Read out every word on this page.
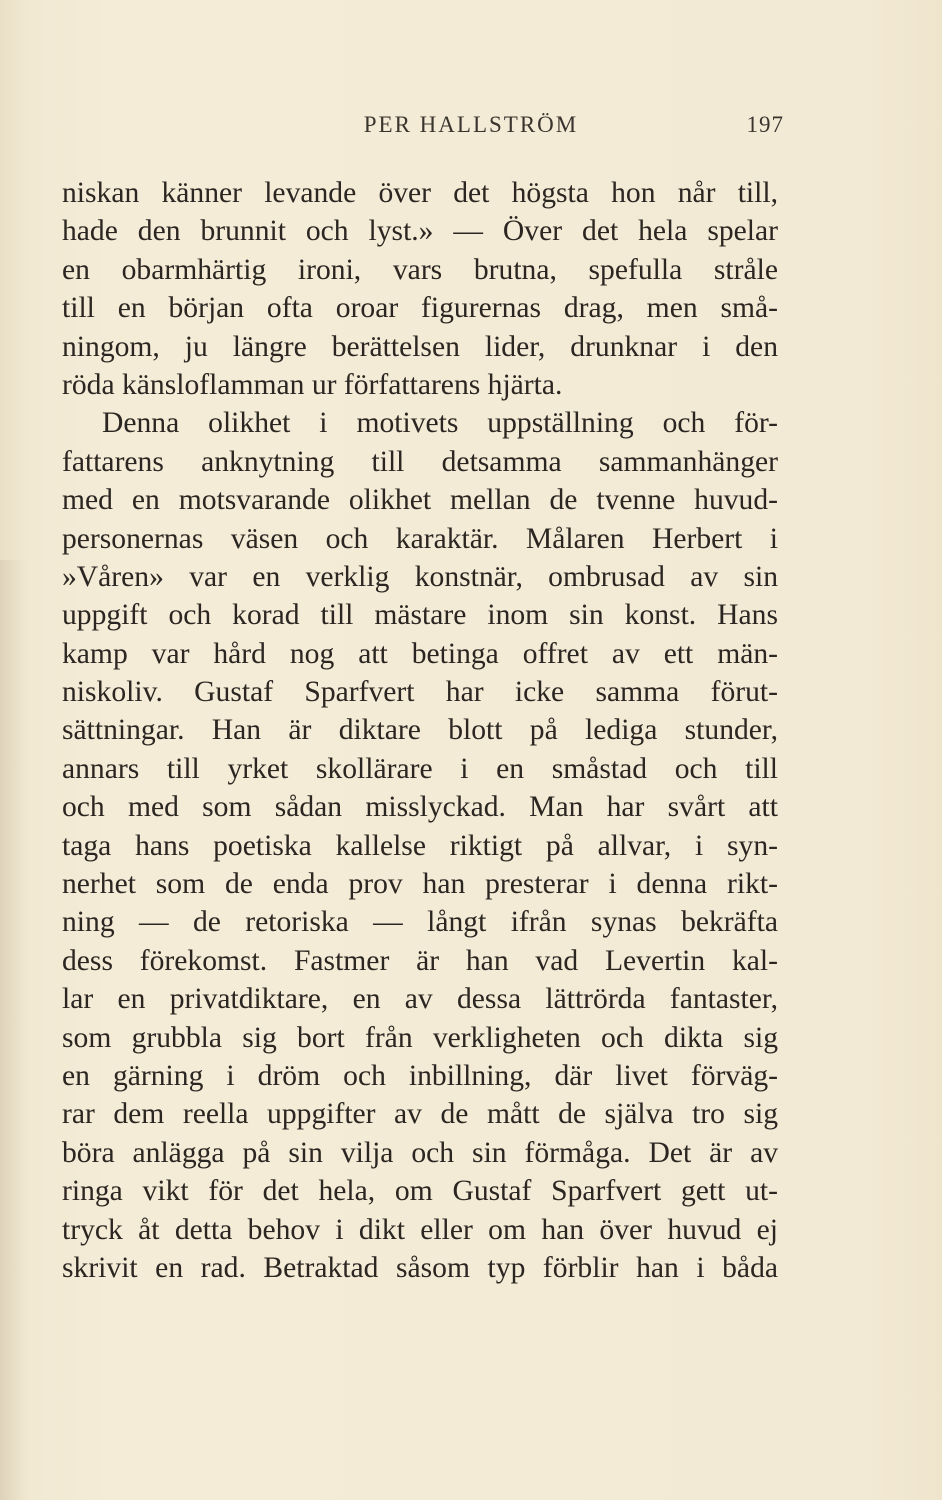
PER HALLSTRÖM	197
niskan känner levande över det högsta hon når till,
hade den brunnit och lyst.» — Över det hela spelar
en obarmhärtig ironi, vars brutna, spefulla stråle
till en början ofta oroar figurernas drag, men små-
ningom, ju längre berättelsen lider, drunknar i den
röda känsloflamman ur författarens hjärta.
Denna olikhet i motivets uppställning och för-
fattarens anknytning till detsamma sammanhänger
med en motsvarande olikhet mellan de tvenne huvud-
personernas väsen och karaktär. Målaren Herbert i
»Våren» var en verklig konstnär, ombrusad av sin
uppgift och korad till mästare inom sin konst. Hans
kamp var hård nog att betinga offret av ett män-
niskoliv. Gustaf Sparfvert har icke samma förut-
sättningar. Han är diktare blott på lediga stunder,
annars till yrket skollärare i en småstad och till
och med som sådan misslyckad. Man har svårt att
taga hans poetiska kallelse riktigt på allvar, i syn-
nerhet som de enda prov han presterar i denna rikt-
ning — de retoriska — långt ifrån synas bekräfta
dess förekomst. Fastmer är han vad Levertin kal-
lar en privatdiktare, en av dessa lättrörda fantaster,
som grubbla sig bort från verkligheten och dikta sig
en gärning i dröm och inbillning, där livet förväg-
rar dem reella uppgifter av de mått de själva tro sig
böra anlägga på sin vilja och sin förmåga. Det är av
ringa vikt för det hela, om Gustaf Sparfvert gett ut-
tryck åt detta behov i dikt eller om han över huvud ej
skrivit en rad. Betraktad såsom typ förblir han i båda
